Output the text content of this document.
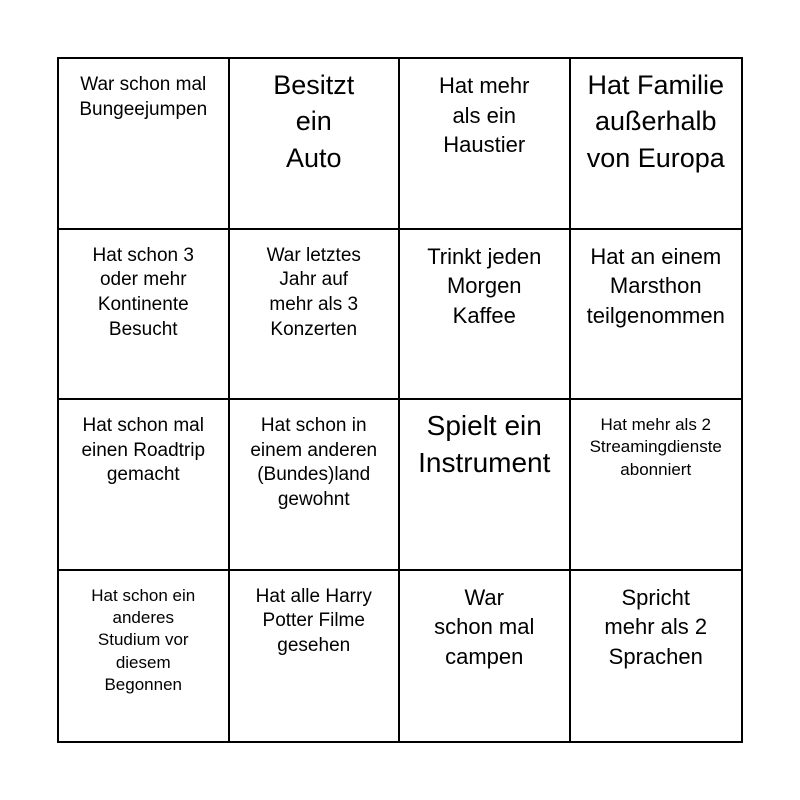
War schon mal
Bungeejumpen
Besitzt
ein
Auto
Hat mehr
als ein
Haustier
Hat Familie
außerhalb
von Europa
Hat schon 3
oder mehr
Kontinente
Besucht
War letztes
Jahr auf
mehr als 3
Konzerten
Trinkt jeden
Morgen
Kaffee
Hat an einem
Marsthon
teilgenommen
Hat schon mal
einen Roadtrip
gemacht
Hat schon in
einem anderen
(Bundes)land
gewohnt
Spielt ein
Instrument
Hat mehr als 2
Streamingdienste
abonniert
Hat schon ein
anderes
Studium vor
diesem
Begonnen
Hat alle Harry
Potter Filme
gesehen
War
schon mal
campen
Spricht
mehr als 2
Sprachen
